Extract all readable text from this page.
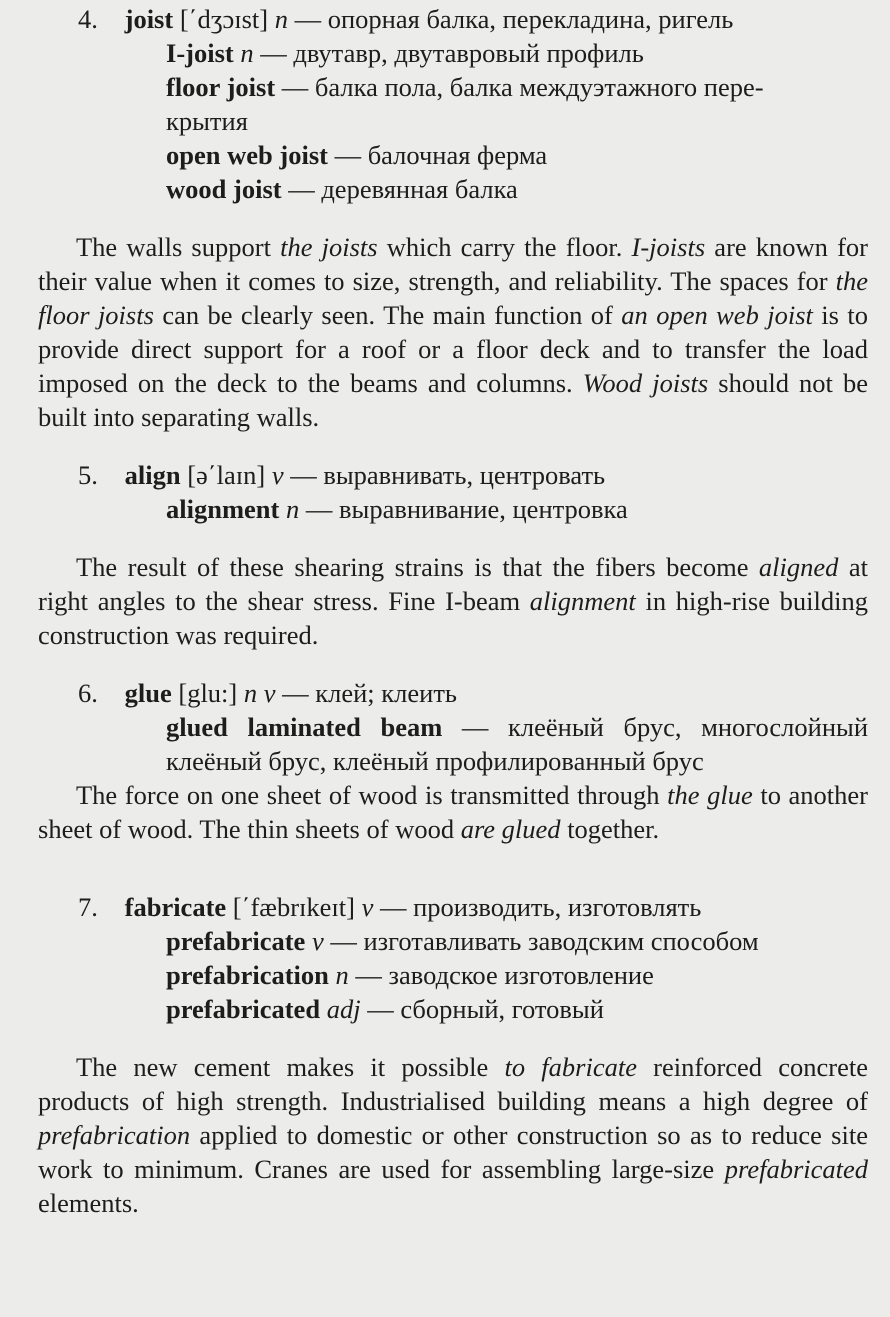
4. joist [΄dʒɔɪst] n — опорная балка, перекладина, ригель
I-joist n — двутавр, двутавровый профиль
floor joist — балка пола, балка междуэтажного пере-
крытия
open web joist — балочная ферма
wood joist — деревянная балка

The walls support the joists which carry the floor. I-joists are known for their value when it comes to size, strength, and reliability. The spaces for the floor joists can be clearly seen. The main function of an open web joist is to provide direct support for a roof or a floor deck and to transfer the load imposed on the deck to the beams and columns. Wood joists should not be built into separating walls.

5. align [ǝ΄laɪn] v — выравнивать, центровать
alignment n — выравнивание, центровка

The result of these shearing strains is that the fibers become aligned at right angles to the shear stress. Fine I-beam alignment in high-rise building construction was required.

6. glue [glu:] n v — клей; клеить
glued laminated beam — клеёный брус, многослойный клеёный брус, клеёный профилированный брус

The force on one sheet of wood is transmitted through the glue to another sheet of wood. The thin sheets of wood are glued together.

7. fabricate [΄fæbrɪkeɪt] v — производить, изготовлять
prefabricate v — изготавливать заводским способом
prefabrication n — заводское изготовление
prefabricated adj — сборный, готовый

The new cement makes it possible to fabricate reinforced concrete products of high strength. Industrialised building means a high degree of prefabrication applied to domestic or other construction so as to reduce site work to minimum. Cranes are used for assembling large-size prefabricated elements.
